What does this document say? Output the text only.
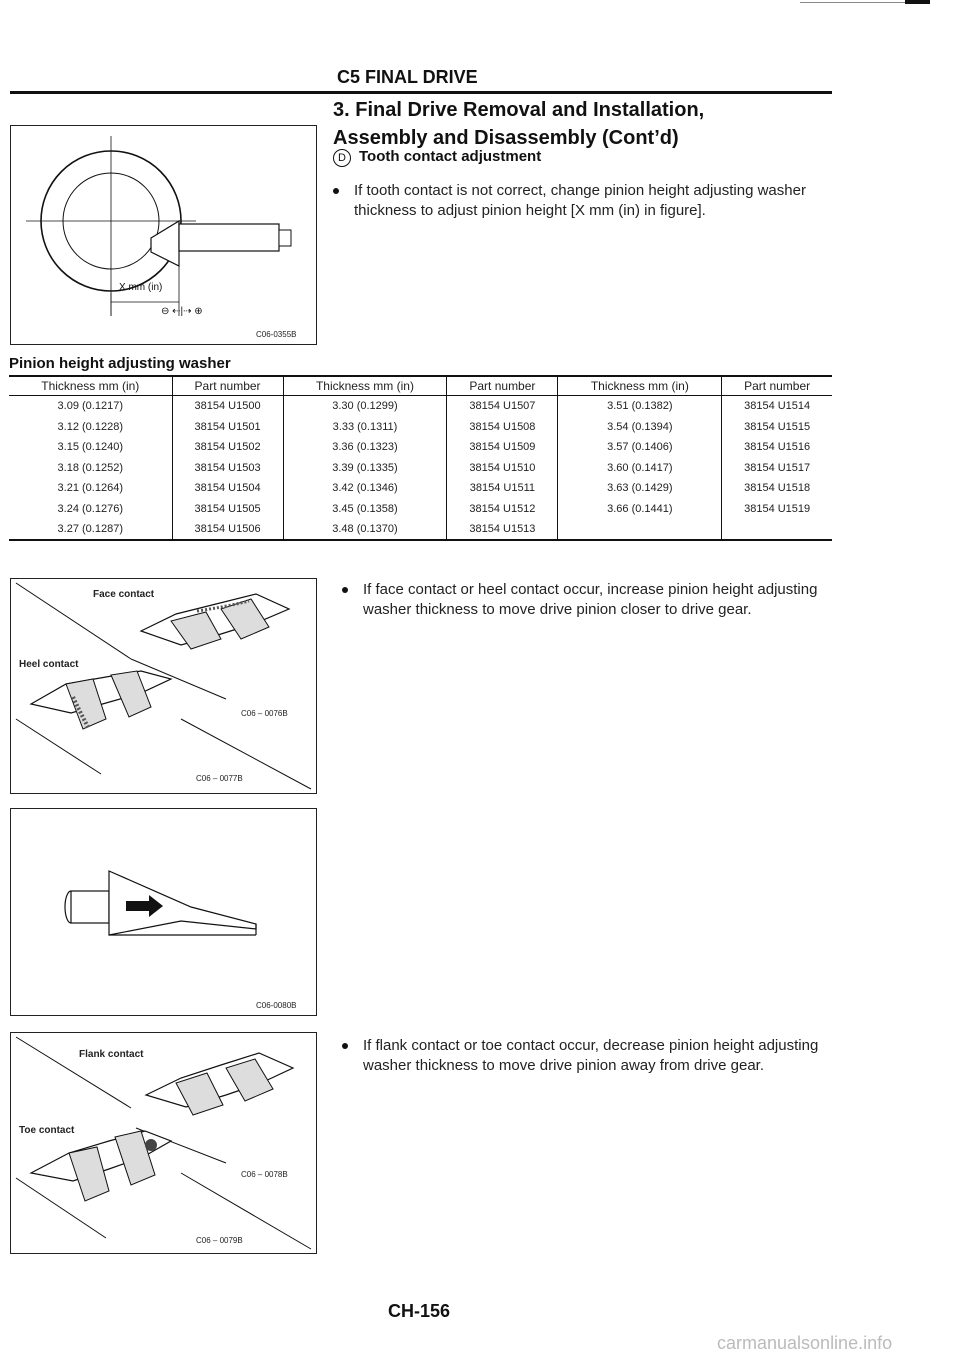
C5 FINAL DRIVE
3. Final Drive Removal and Installation,
Assembly and Disassembly (Cont’d)
D Tooth contact adjustment
If tooth contact is not correct, change pinion height adjusting washer thickness to adjust pinion height [X mm (in) in figure].
X mm (in)
⊖ ⇠|⇢ ⊕
C06-0355B
Pinion height adjusting washer
Thickness mm (in)	Part number	Thickness mm (in)	Part number	Thickness mm (in)	Part number
3.09 (0.1217)	38154 U1500	3.30 (0.1299)	38154 U1507	3.51 (0.1382)	38154 U1514
3.12 (0.1228)	38154 U1501	3.33 (0.1311)	38154 U1508	3.54 (0.1394)	38154 U1515
3.15 (0.1240)	38154 U1502	3.36 (0.1323)	38154 U1509	3.57 (0.1406)	38154 U1516
3.18 (0.1252)	38154 U1503	3.39 (0.1335)	38154 U1510	3.60 (0.1417)	38154 U1517
3.21 (0.1264)	38154 U1504	3.42 (0.1346)	38154 U1511	3.63 (0.1429)	38154 U1518
3.24 (0.1276)	38154 U1505	3.45 (0.1358)	38154 U1512	3.66 (0.1441)	38154 U1519
3.27 (0.1287)	38154 U1506	3.48 (0.1370)	38154 U1513		
Face contact
Heel contact
C06 – 0076B
C06 – 0077B
If face contact or heel contact occur, increase pinion height adjusting washer thickness to move drive pinion closer to drive gear.
C06-0080B
Flank contact
Toe contact
C06 – 0078B
C06 – 0079B
If flank contact or toe contact occur, decrease pinion height adjusting washer thickness to move drive pinion away from drive gear.
CH-156
carmanualsonline.info
